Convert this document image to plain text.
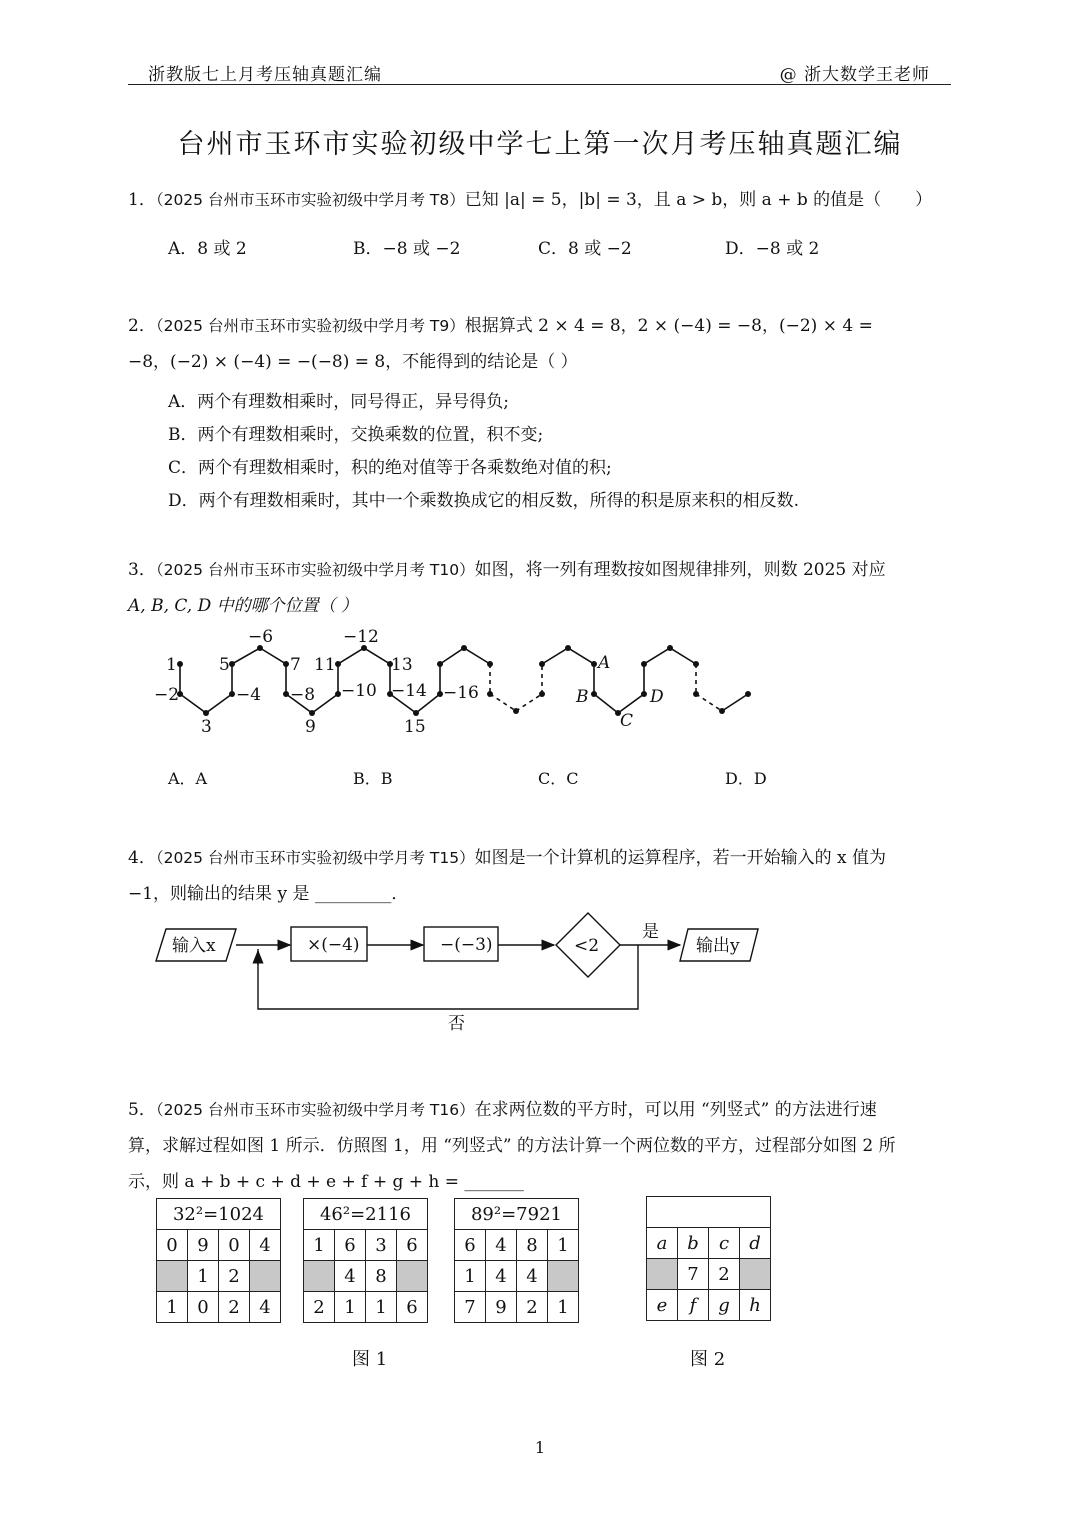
浙教版七上月考压轴真题汇编	@ 浙大数学王老师
台州市玉环市实验初级中学七上第一次月考压轴真题汇编
1．（2025 台州市玉环市实验初级中学月考 T8）已知 |a| = 5，|b| = 3，且 a > b，则 a + b 的值是（　　）
A．8 或 2	B．−8 或 −2	C．8 或 −2	D．−8 或 2
2．（2025 台州市玉环市实验初级中学月考 T9）根据算式 2 × 4 = 8，2 × (−4) = −8，(−2) × 4 =
−8，(−2) × (−4) = −(−8) = 8，不能得到的结论是（ ）
A．两个有理数相乘时，同号得正，异号得负;
B．两个有理数相乘时，交换乘数的位置，积不变;
C．两个有理数相乘时，积的绝对值等于各乘数绝对值的积;
D．两个有理数相乘时，其中一个乘数换成它的相反数，所得的积是原来积的相反数.
3．（2025 台州市玉环市实验初级中学月考 T10）如图，将一列有理数按如图规律排列，则数 2025 对应
A, B, C, D 中的哪个位置（ ）
1
−2
3
−4
5
−6
7
−8
9
−10
11
−12
13
−14
15
−16
A
B
C
D
A．A	B．B	C．C	D．D
4．（2025 台州市玉环市实验初级中学月考 T15）如图是一个计算机的运算程序，若一开始输入的 x 值为
−1，则输出的结果 y 是 _________．
输入x	×(−4)	−(−3)	<2
是
否
输出y
5．（2025 台州市玉环市实验初级中学月考 T16）在求两位数的平方时，可以用 “列竖式” 的方法进行速
算，求解过程如图 1 所示．仿照图 1，用 “列竖式” 的方法计算一个两位数的平方，过程部分如图 2 所
示，则 a + b + c + d + e + f + g + h = _______
32²=1024			
0	9	0	4
	1	2	
1	0	2	4
46²=2116			
1	6	3	6
	4	8	
2	1	1	6
89²=7921			
6	4	8	1
1	4	4	
7	9	2	1

a	b	c	d
	7	2	
e	f	g	h
图 1	图 2
1
